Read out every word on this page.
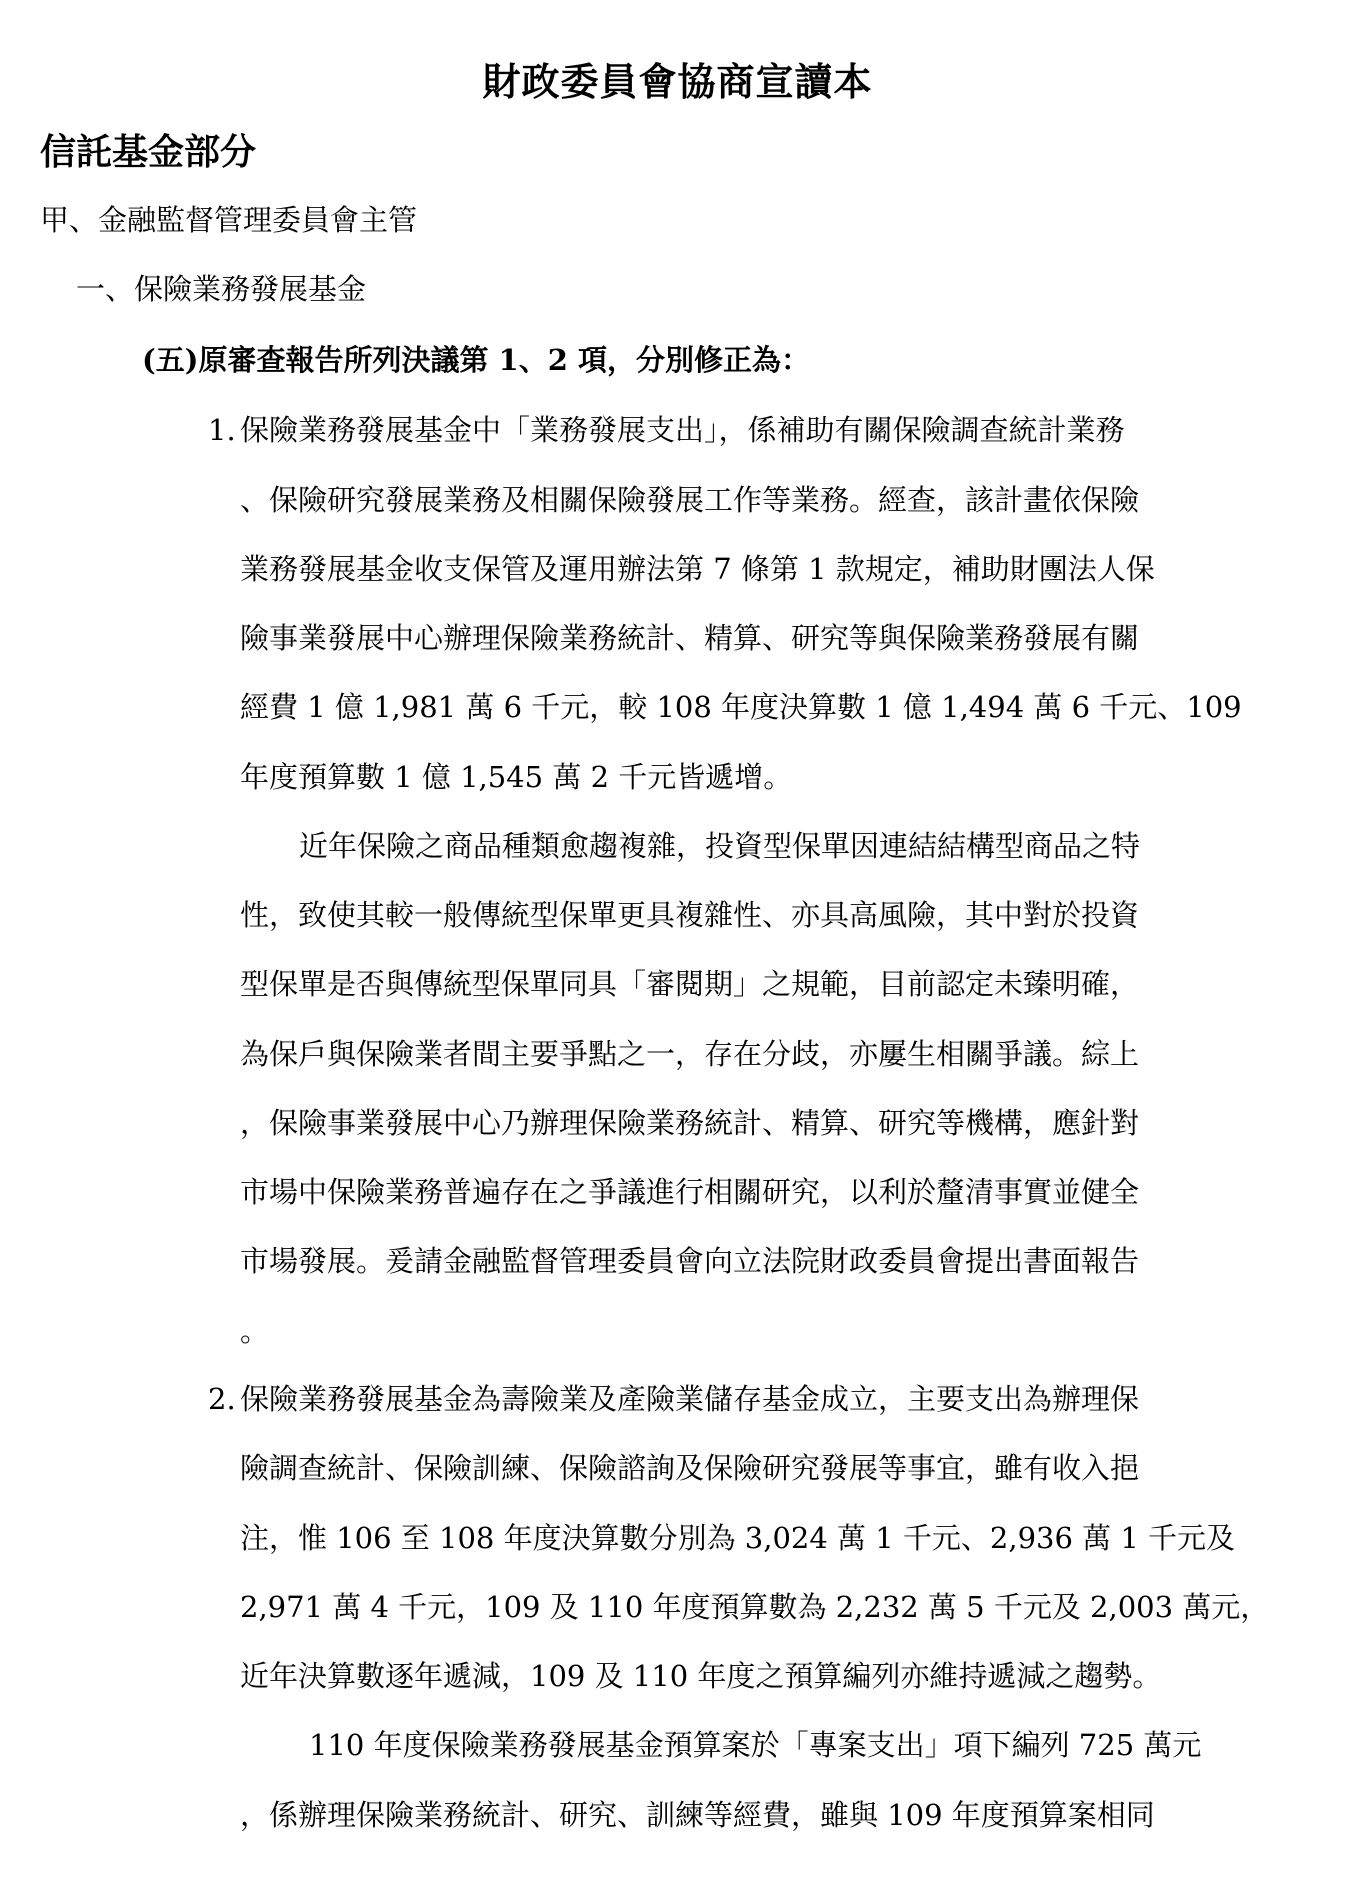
財政委員會協商宣讀本
信託基金部分
甲、金融監督管理委員會主管
一、保險業務發展基金
(五)原審查報告所列決議第 1、2 項，分別修正為：
1. 保險業務發展基金中「業務發展支出」，係補助有關保險調查統計業務
、保險研究發展業務及相關保險發展工作等業務。經查，該計畫依保險
業務發展基金收支保管及運用辦法第 7 條第 1 款規定，補助財團法人保
險事業發展中心辦理保險業務統計、精算、研究等與保險業務發展有關
經費 1 億 1,981 萬 6 千元，較 108 年度決算數 1 億 1,494 萬 6 千元、109
年度預算數 1 億 1,545 萬 2 千元皆遞增。
　近年保險之商品種類愈趨複雜，投資型保單因連結結構型商品之特
性，致使其較一般傳統型保單更具複雜性、亦具高風險，其中對於投資
型保單是否與傳統型保單同具「審閱期」之規範，目前認定未臻明確，
為保戶與保險業者間主要爭點之一，存在分歧，亦屢生相關爭議。綜上
，保險事業發展中心乃辦理保險業務統計、精算、研究等機構，應針對
市場中保險業務普遍存在之爭議進行相關研究，以利於釐清事實並健全
市場發展。爰請金融監督管理委員會向立法院財政委員會提出書面報告
。
2. 保險業務發展基金為壽險業及產險業儲存基金成立，主要支出為辦理保
險調查統計、保險訓練、保險諮詢及保險研究發展等事宜，雖有收入挹
注，惟 106 至 108 年度決算數分別為 3,024 萬 1 千元、2,936 萬 1 千元及
2,971 萬 4 千元，109 及 110 年度預算數為 2,232 萬 5 千元及 2,003 萬元，
近年決算數逐年遞減，109 及 110 年度之預算編列亦維持遞減之趨勢。
　110 年度保險業務發展基金預算案於「專案支出」項下編列 725 萬元
，係辦理保險業務統計、研究、訓練等經費，雖與 109 年度預算案相同
